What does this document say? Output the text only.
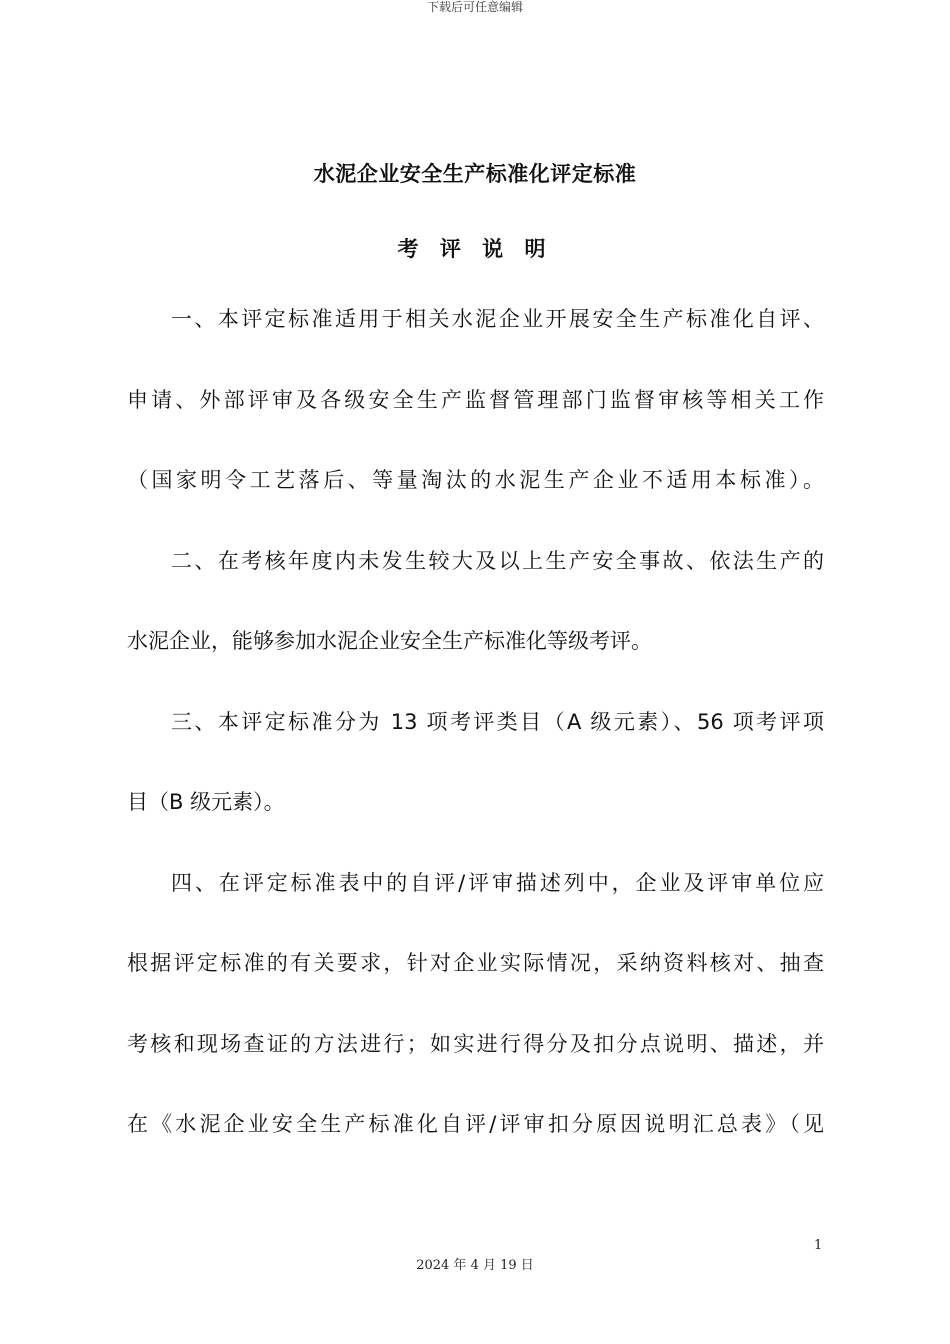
下载后可任意编辑
水泥企业安全生产标准化评定标准
考 评 说 明
一、本评定标准适用于相关水泥企业开展安全生产标准化自评、
申请、外部评审及各级安全生产监督管理部门监督审核等相关工作
（国家明令工艺落后、等量淘汰的水泥生产企业不适用本标准）。
二、在考核年度内未发生较大及以上生产安全事故、依法生产的
水泥企业，能够参加水泥企业安全生产标准化等级考评。
三、本评定标准分为 13 项考评类目（A 级元素）、56 项考评项
目（B 级元素）。
四、在评定标准表中的自评/评审描述列中，企业及评审单位应
根据评定标准的有关要求，针对企业实际情况，采纳资料核对、抽查
考核和现场查证的方法进行；如实进行得分及扣分点说明、描述，并
在《水泥企业安全生产标准化自评/评审扣分原因说明汇总表》（见
1
2024 年 4 月 19 日
